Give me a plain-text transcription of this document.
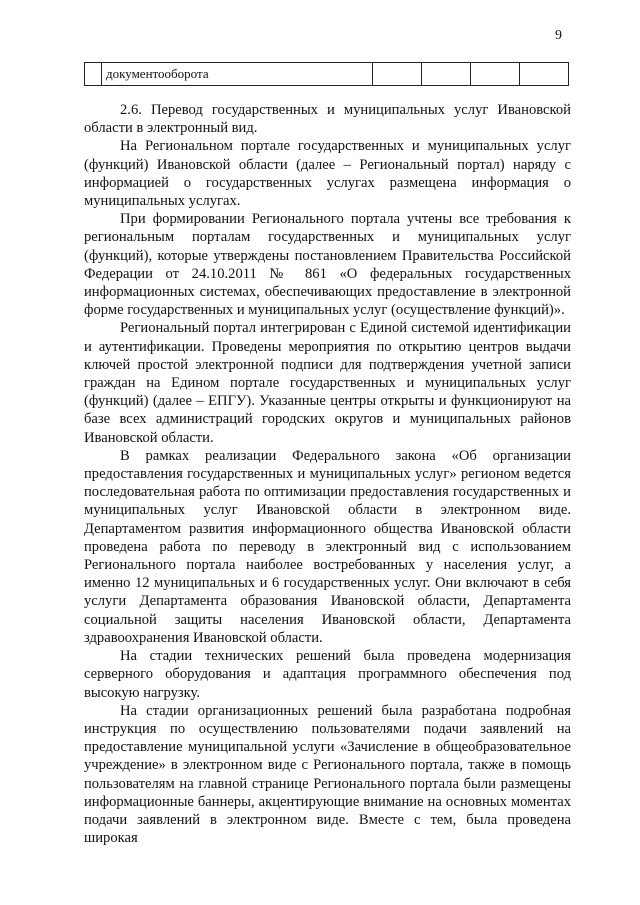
9
	документооборота				

2.6. Перевод государственных и муниципальных услуг Ивановской области в электронный вид.

На Региональном портале государственных и муниципальных услуг (функций) Ивановской области (далее – Региональный портал) наряду с информацией о государственных услугах размещена информация о муниципальных услугах.

При формировании Регионального портала учтены все требования к региональным порталам государственных и муниципальных услуг (функций), которые утверждены постановлением Правительства Российской Федерации от 24.10.2011 № 861 «О федеральных государственных информационных системах, обеспечивающих предоставление в электронной форме государственных и муниципальных услуг (осуществление функций)».

Региональный портал интегрирован с Единой системой идентификации и аутентификации. Проведены мероприятия по открытию центров выдачи ключей простой электронной подписи для подтверждения учетной записи граждан на Едином портале государственных и муниципальных услуг (функций) (далее – ЕПГУ). Указанные центры открыты и функционируют на базе всех администраций городских округов и муниципальных районов Ивановской области.

В рамках реализации Федерального закона «Об организации предоставления государственных и муниципальных услуг» регионом ведется последовательная работа по оптимизации предоставления государственных и муниципальных услуг Ивановской области в электронном виде. Департаментом развития информационного общества Ивановской области проведена работа по переводу в электронный вид с использованием Регионального портала наиболее востребованных у населения услуг, а именно 12 муниципальных и 6 государственных услуг. Они включают в себя услуги Департамента образования Ивановской области, Департамента социальной защиты населения Ивановской области, Департамента здравоохранения Ивановской области.

На стадии технических решений была проведена модернизация серверного оборудования и адаптация программного обеспечения под высокую нагрузку.

На стадии организационных решений была разработана подробная инструкция по осуществлению пользователями подачи заявлений на предоставление муниципальной услуги «Зачисление в общеобразовательное учреждение» в электронном виде с Регионального портала, также в помощь пользователям на главной странице Регионального портала были размещены информационные баннеры, акцентирующие внимание на основных моментах подачи заявлений в электронном виде. Вместе с тем, была проведена широкая
